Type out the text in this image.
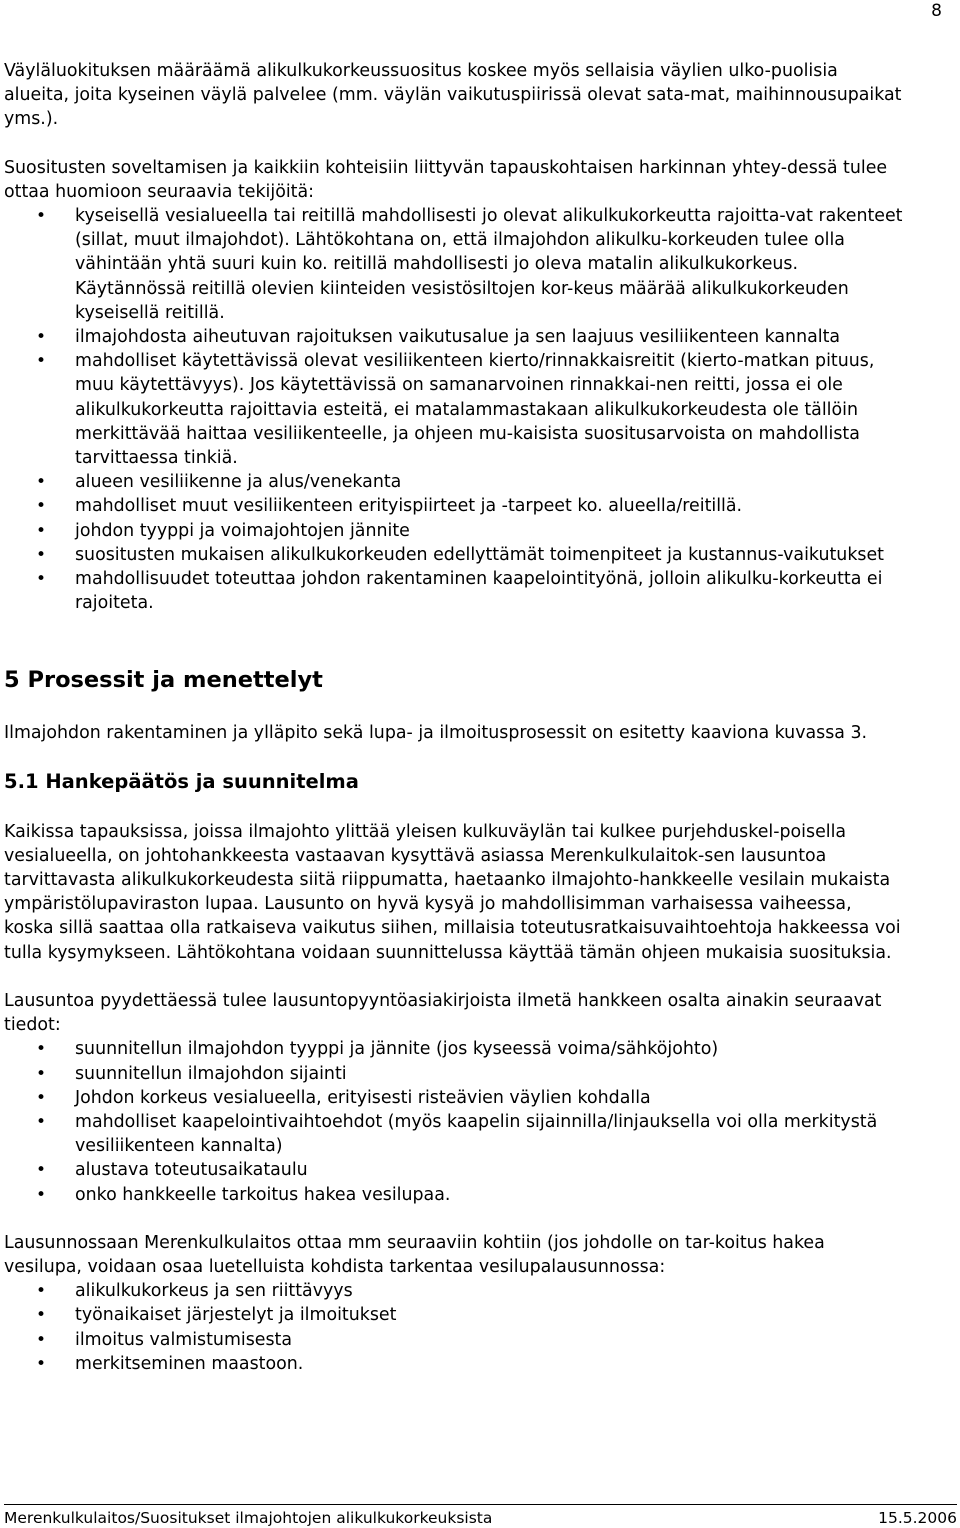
8

Väyläluokituksen määräämä alikulkukorkeussuositus koskee myös sellaisia väylien ulko-puolisia alueita, joita kyseinen väylä palvelee (mm. väylän vaikutuspiirissä olevat sata-mat, maihinnousupaikat yms.).

Suositusten soveltamisen ja kaikkiin kohteisiin liittyvän tapauskohtaisen harkinnan yhtey-dessä tulee ottaa huomioon seuraavia tekijöitä:

• kyseisellä vesialueella tai reitillä mahdollisesti jo olevat alikulkukorkeutta rajoitta-vat rakenteet (sillat, muut ilmajohdot). Lähtökohtana on, että ilmajohdon alikulku-korkeuden tulee olla vähintään yhtä suuri kuin ko. reitillä mahdollisesti jo oleva matalin alikulkukorkeus. Käytännössä reitillä olevien kiinteiden vesistösiltojen kor-keus määrää alikulkukorkeuden kyseisellä reitillä.
• ilmajohdosta aiheutuvan rajoituksen vaikutusalue ja sen laajuus vesiliikenteen kannalta
• mahdolliset käytettävissä olevat vesiliikenteen kierto/rinnakkaisreitit (kierto-matkan pituus, muu käytettävyys). Jos käytettävissä on samanarvoinen rinnakkai-nen reitti, jossa ei ole alikulkukorkeutta rajoittavia esteitä, ei matalammastakaan alikulkukorkeudesta ole tällöin merkittävää haittaa vesiliikenteelle, ja ohjeen mu-kaisista suositusarvoista on mahdollista tarvittaessa tinkiä.
• alueen vesiliikenne ja alus/venekanta
• mahdolliset muut vesiliikenteen erityispiirteet ja -tarpeet ko. alueella/reitillä.
• johdon tyyppi ja voimajohtojen jännite
• suositusten mukaisen alikulkukorkeuden edellyttämät toimenpiteet ja kustannus-vaikutukset
• mahdollisuudet toteuttaa johdon rakentaminen kaapelointityönä, jolloin alikulku-korkeutta ei rajoiteta.
5 Prosessit ja menettelyt

Ilmajohdon rakentaminen ja ylläpito sekä lupa- ja ilmoitusprosessit on esitetty kaaviona kuvassa 3.

5.1 Hankepäätös ja suunnitelma

Kaikissa tapauksissa, joissa ilmajohto ylittää yleisen kulkuväylän tai kulkee purjehduskel-poisella vesialueella, on johtohankkeesta vastaavan kysyttävä asiassa Merenkulkulaitok-sen lausuntoa tarvittavasta alikulkukorkeudesta siitä riippumatta, haetaanko ilmajohto-hankkeelle vesilain mukaista ympäristölupaviraston lupaa. Lausunto on hyvä kysyä jo mahdollisimman varhaisessa vaiheessa, koska sillä saattaa olla ratkaiseva vaikutus siihen, millaisia toteutusratkaisuvaihtoehtoja hakkeessa voi tulla kysymykseen. Lähtökohtana voidaan suunnittelussa käyttää tämän ohjeen mukaisia suosituksia.

Lausuntoa pyydettäessä tulee lausuntopyyntöasiakirjoista ilmetä hankkeen osalta ainakin seuraavat tiedot:

• suunnitellun ilmajohdon tyyppi ja jännite (jos kyseessä voima/sähköjohto)
• suunnitellun ilmajohdon sijainti
• Johdon korkeus vesialueella, erityisesti risteävien väylien kohdalla
• mahdolliset kaapelointivaihtoehdot (myös kaapelin sijainnilla/linjauksella voi olla merkitystä vesiliikenteen kannalta)
• alustava toteutusaikataulu
• onko hankkeelle tarkoitus hakea vesilupaa.

Lausunnossaan Merenkulkulaitos ottaa mm seuraaviin kohtiin (jos johdolle on tar-koitus hakea vesilupa, voidaan osaa luetelluista kohdista tarkentaa vesilupalausunnossa:

• alikulkukorkeus ja sen riittävyys
• työnaikaiset järjestelyt ja ilmoitukset
• ilmoitus valmistumisesta
• merkitseminen maastoon.
Merenkulkulaitos/Suositukset ilmajohtojen alikulkukorkeuksista	15.5.2006
